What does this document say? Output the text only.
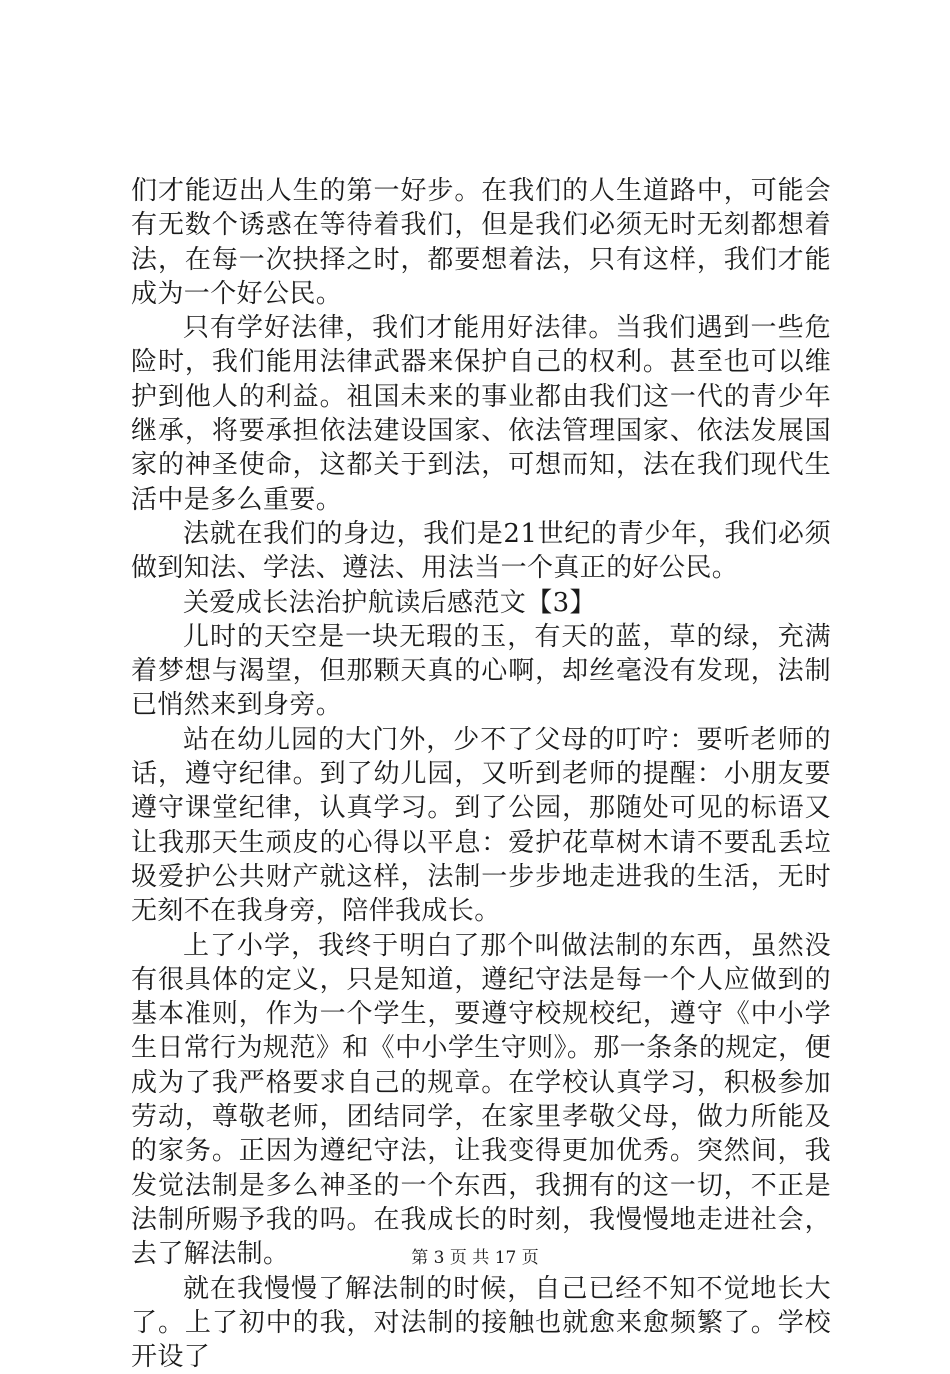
们才能迈出人生的第一好步。在我们的人生道路中，可能会有无数个诱惑在等待着我们，但是我们必须无时无刻都想着法，在每一次抉择之时，都要想着法，只有这样，我们才能成为一个好公民。

只有学好法律，我们才能用好法律。当我们遇到一些危险时，我们能用法律武器来保护自己的权利。甚至也可以维护到他人的利益。祖国未来的事业都由我们这一代的青少年继承，将要承担依法建设国家、依法管理国家、依法发展国家的神圣使命，这都关于到法，可想而知，法在我们现代生活中是多么重要。

法就在我们的身边，我们是21世纪的青少年，我们必须做到知法、学法、遵法、用法当一个真正的好公民。

关爱成长法治护航读后感范文【3】

儿时的天空是一块无瑕的玉，有天的蓝，草的绿，充满着梦想与渴望，但那颗天真的心啊，却丝毫没有发现，法制已悄然来到身旁。

站在幼儿园的大门外，少不了父母的叮咛：要听老师的话，遵守纪律。到了幼儿园，又听到老师的提醒：小朋友要遵守课堂纪律，认真学习。到了公园，那随处可见的标语又让我那天生顽皮的心得以平息：爱护花草树木请不要乱丢垃圾爱护公共财产就这样，法制一步步地走进我的生活，无时无刻不在我身旁，陪伴我成长。

上了小学，我终于明白了那个叫做法制的东西，虽然没有很具体的定义，只是知道，遵纪守法是每一个人应做到的基本准则，作为一个学生，要遵守校规校纪，遵守《中小学生日常行为规范》和《中小学生守则》。那一条条的规定，便成为了我严格要求自己的规章。在学校认真学习，积极参加劳动，尊敬老师，团结同学，在家里孝敬父母，做力所能及的家务。正因为遵纪守法，让我变得更加优秀。突然间，我发觉法制是多么神圣的一个东西，我拥有的这一切，不正是法制所赐予我的吗。在我成长的时刻，我慢慢地走进社会，去了解法制。

就在我慢慢了解法制的时候，自己已经不知不觉地长大了。上了初中的我，对法制的接触也就愈来愈频繁了。学校开设了

第 3 页 共 17 页
